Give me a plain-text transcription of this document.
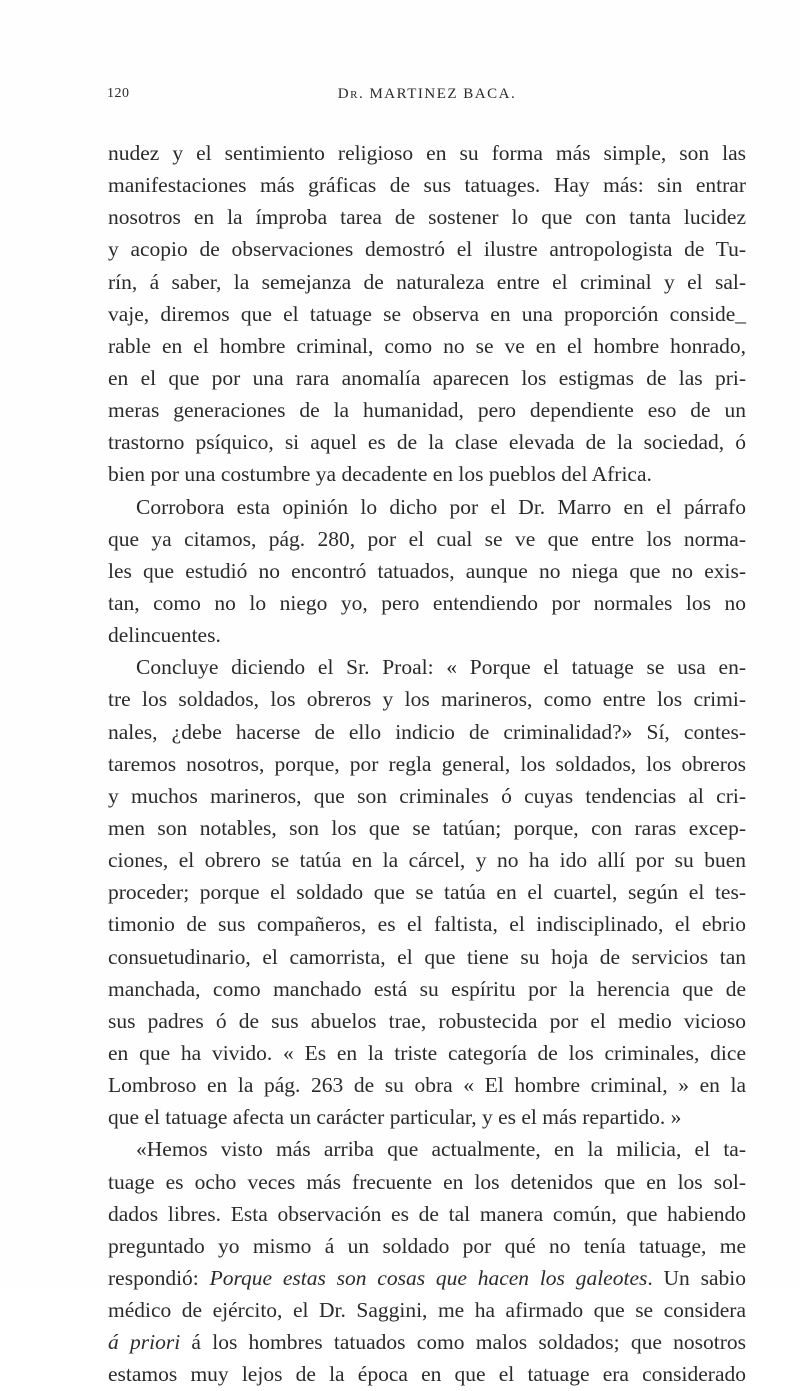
120	Dr. MARTINEZ BACA.
nudez y el sentimiento religioso en su forma más simple, son las
manifestaciones más gráficas de sus tatuages. Hay más: sin entrar
nosotros en la ímproba tarea de sostener lo que con tanta lucidez
y acopio de observaciones demostró el ilustre antropologista de Tu-
rín, á saber, la semejanza de naturaleza entre el criminal y el sal-
vaje, diremos que el tatuage se observa en una proporción conside_
rable en el hombre criminal, como no se ve en el hombre honrado,
en el que por una rara anomalía aparecen los estigmas de las pri-
meras generaciones de la humanidad, pero dependiente eso de un
trastorno psíquico, si aquel es de la clase elevada de la sociedad, ó
bien por una costumbre ya decadente en los pueblos del Africa.
Corrobora esta opinión lo dicho por el Dr. Marro en el párrafo
que ya citamos, pág. 280, por el cual se ve que entre los norma-
les que estudió no encontró tatuados, aunque no niega que no exis-
tan, como no lo niego yo, pero entendiendo por normales los no
delincuentes.
Concluye diciendo el Sr. Proal: « Porque el tatuage se usa en-
tre los soldados, los obreros y los marineros, como entre los crimi-
nales, ¿debe hacerse de ello indicio de criminalidad?» Sí, contes-
taremos nosotros, porque, por regla general, los soldados, los obreros
y muchos marineros, que son criminales ó cuyas tendencias al cri-
men son notables, son los que se tatúan; porque, con raras excep-
ciones, el obrero se tatúa en la cárcel, y no ha ido allí por su buen
proceder; porque el soldado que se tatúa en el cuartel, según el tes-
timonio de sus compañeros, es el faltista, el indisciplinado, el ebrio
consuetudinario, el camorrista, el que tiene su hoja de servicios tan
manchada, como manchado está su espíritu por la herencia que de
sus padres ó de sus abuelos trae, robustecida por el medio vicioso
en que ha vivido. « Es en la triste categoría de los criminales, dice
Lombroso en la pág. 263 de su obra « El hombre criminal, » en la
que el tatuage afecta un carácter particular, y es el más repartido. »
«Hemos visto más arriba que actualmente, en la milicia, el ta-
tuage es ocho veces más frecuente en los detenidos que en los sol-
dados libres. Esta observación es de tal manera común, que habiendo
preguntado yo mismo á un soldado por qué no tenía tatuage, me
respondió: Porque estas son cosas que hacen los galeotes. Un sabio
médico de ejército, el Dr. Saggini, me ha afirmado que se considera
á priori á los hombres tatuados como malos soldados; que nosotros
estamos muy lejos de la época en que el tatuage era considerado
